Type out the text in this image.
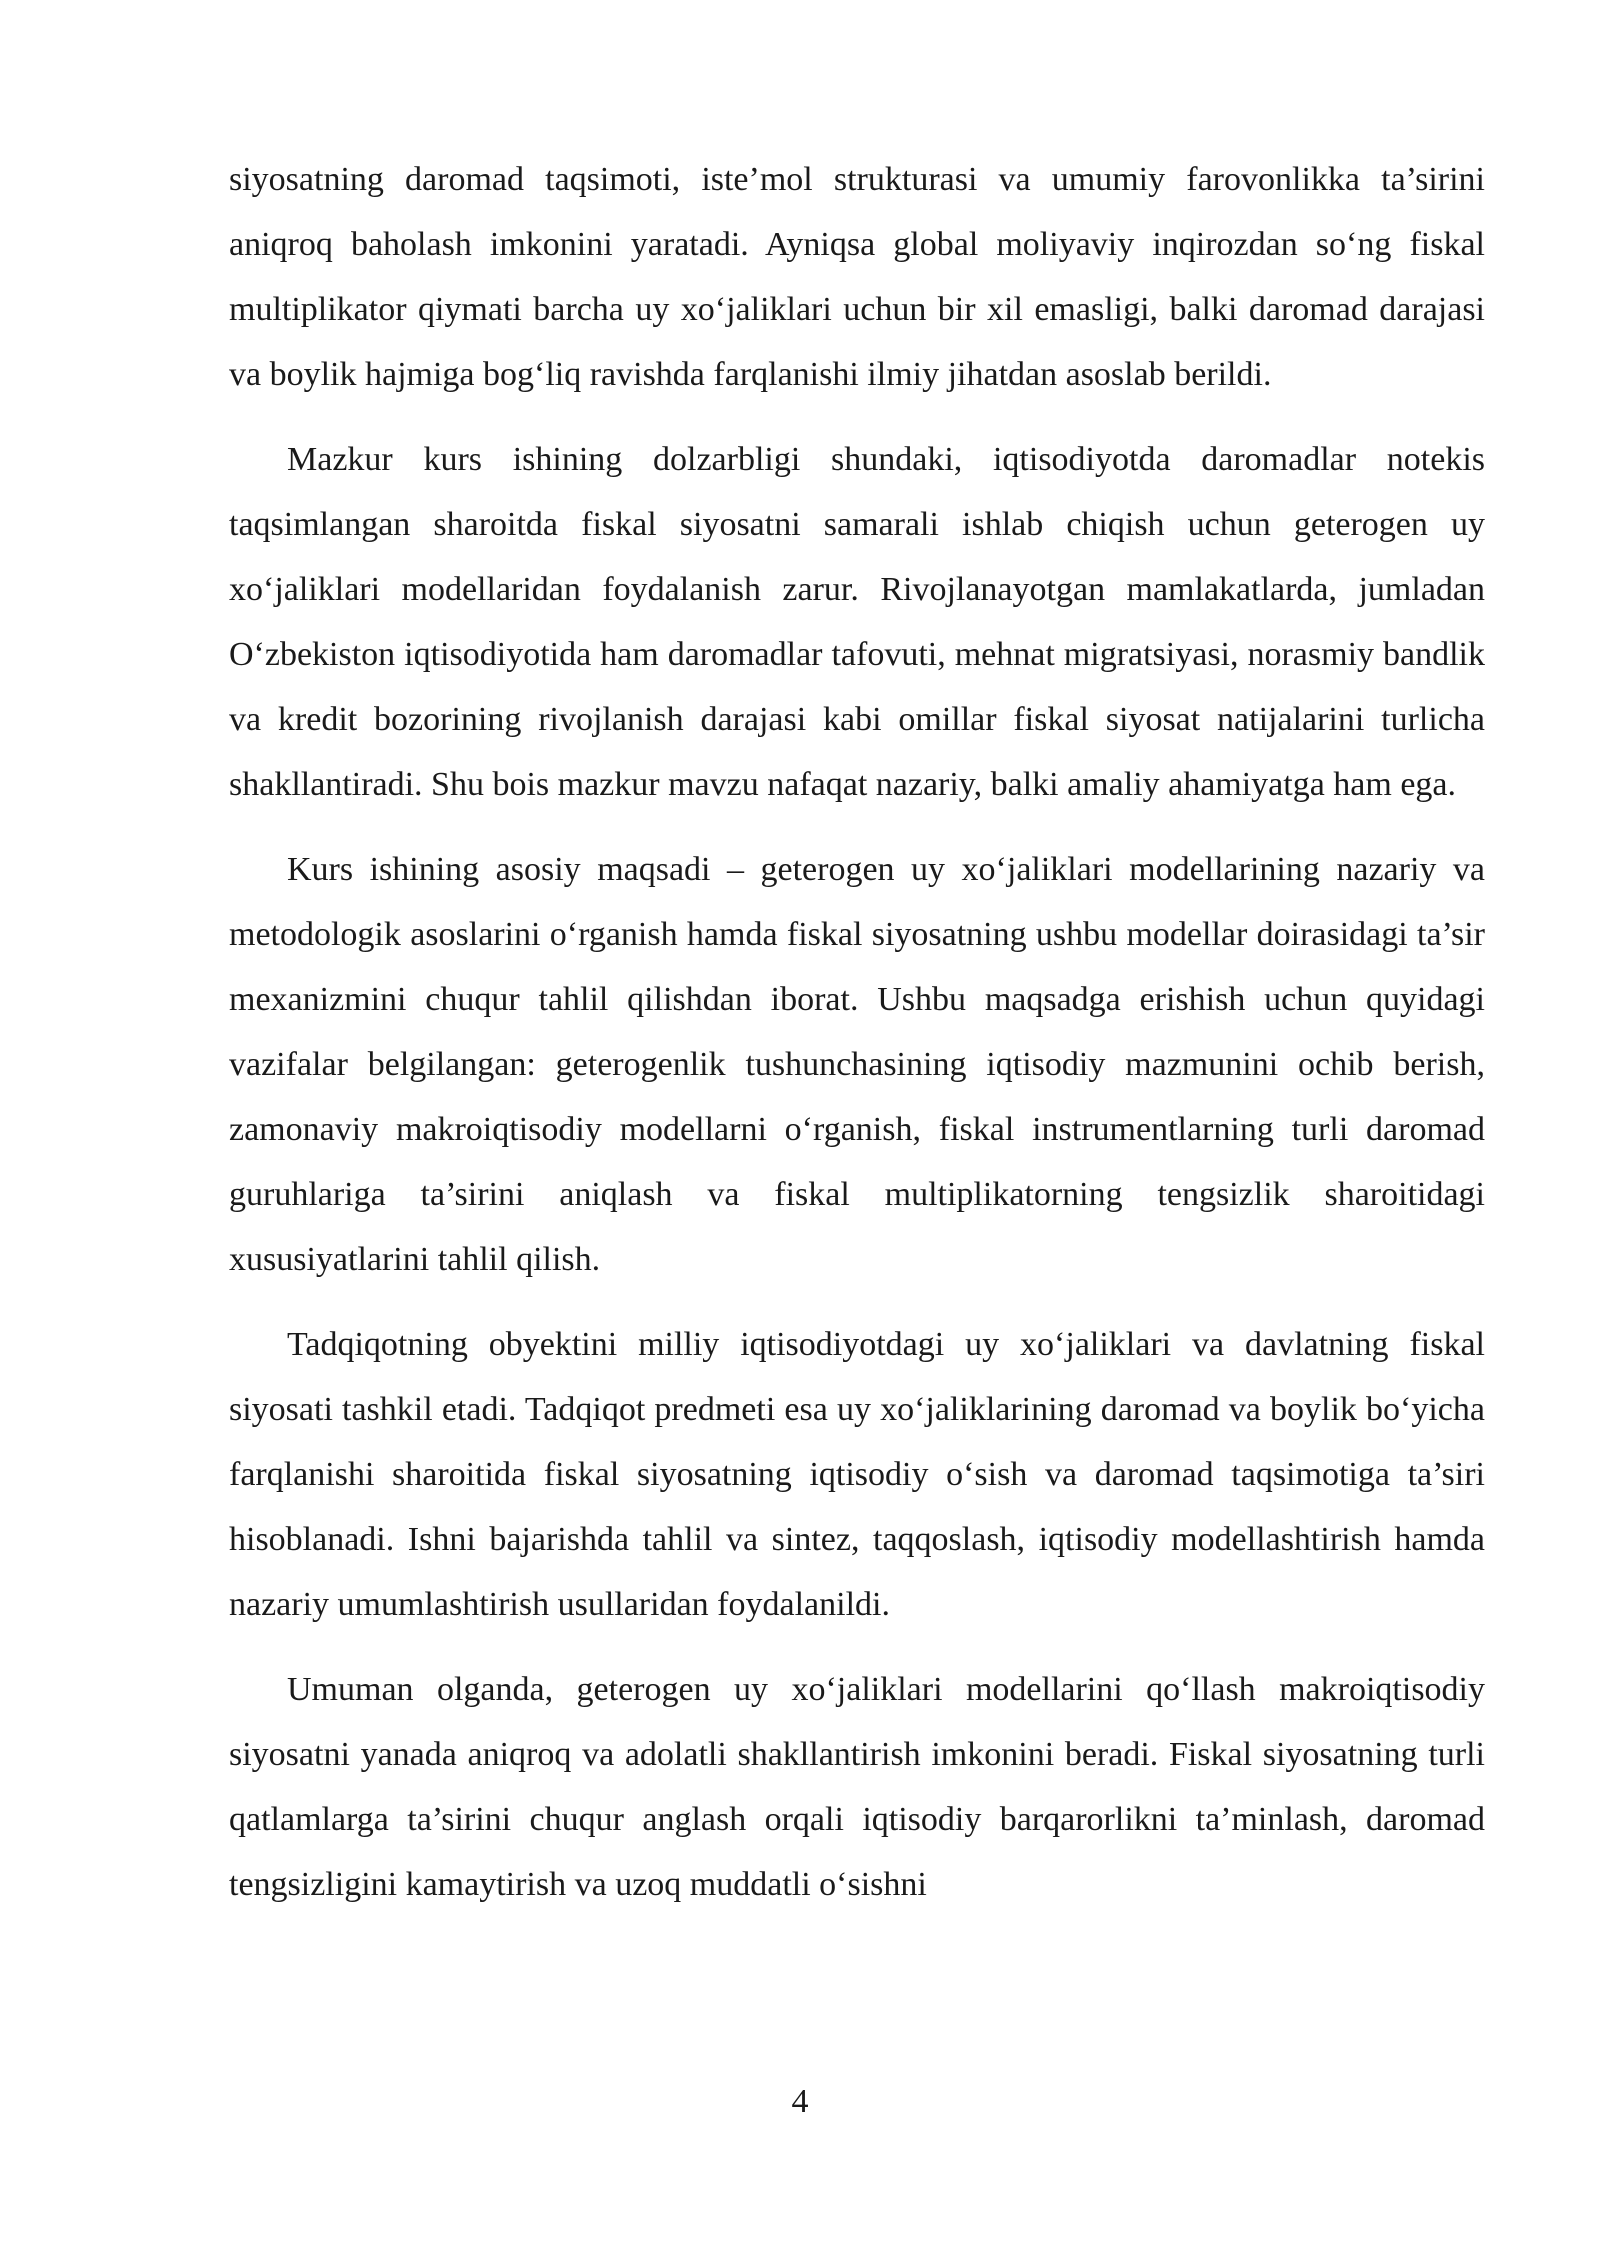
siyosatning daromad taqsimoti, iste’mol strukturasi va umumiy farovonlikka ta’sirini aniqroq baholash imkonini yaratadi. Ayniqsa global moliyaviy inqirozdan so‘ng fiskal multiplikator qiymati barcha uy xo‘jaliklari uchun bir xil emasligi, balki daromad darajasi va boylik hajmiga bog‘liq ravishda farqlanishi ilmiy jihatdan asoslab berildi.

Mazkur kurs ishining dolzarbligi shundaki, iqtisodiyotda daromadlar notekis taqsimlangan sharoitda fiskal siyosatni samarali ishlab chiqish uchun geterogen uy xo‘jaliklari modellaridan foydalanish zarur. Rivojlanayotgan mamlakatlarda, jumladan O‘zbekiston iqtisodiyotida ham daromadlar tafovuti, mehnat migratsiyasi, norasmiy bandlik va kredit bozorining rivojlanish darajasi kabi omillar fiskal siyosat natijalarini turlicha shakllantiradi. Shu bois mazkur mavzu nafaqat nazariy, balki amaliy ahamiyatga ham ega.

Kurs ishining asosiy maqsadi – geterogen uy xo‘jaliklari modellarining nazariy va metodologik asoslarini o‘rganish hamda fiskal siyosatning ushbu modellar doirasidagi ta’sir mexanizmini chuqur tahlil qilishdan iborat. Ushbu maqsadga erishish uchun quyidagi vazifalar belgilangan: geterogenlik tushunchasining iqtisodiy mazmunini ochib berish, zamonaviy makroiqtisodiy modellarni o‘rganish, fiskal instrumentlarning turli daromad guruhlariga ta’sirini aniqlash va fiskal multiplikatorning tengsizlik sharoitidagi xususiyatlarini tahlil qilish.

Tadqiqotning obyektini milliy iqtisodiyotdagi uy xo‘jaliklari va davlatning fiskal siyosati tashkil etadi. Tadqiqot predmeti esa uy xo‘jaliklarining daromad va boylik bo‘yicha farqlanishi sharoitida fiskal siyosatning iqtisodiy o‘sish va daromad taqsimotiga ta’siri hisoblanadi. Ishni bajarishda tahlil va sintez, taqqoslash, iqtisodiy modellashtirish hamda nazariy umumlashtirish usullaridan foydalanildi.

Umuman olganda, geterogen uy xo‘jaliklari modellarini qo‘llash makroiqtisodiy siyosatni yanada aniqroq va adolatli shakllantirish imkonini beradi. Fiskal siyosatning turli qatlamlarga ta’sirini chuqur anglash orqali iqtisodiy barqarorlikni ta’minlash, daromad tengsizligini kamaytirish va uzoq muddatli o‘sishni

4
